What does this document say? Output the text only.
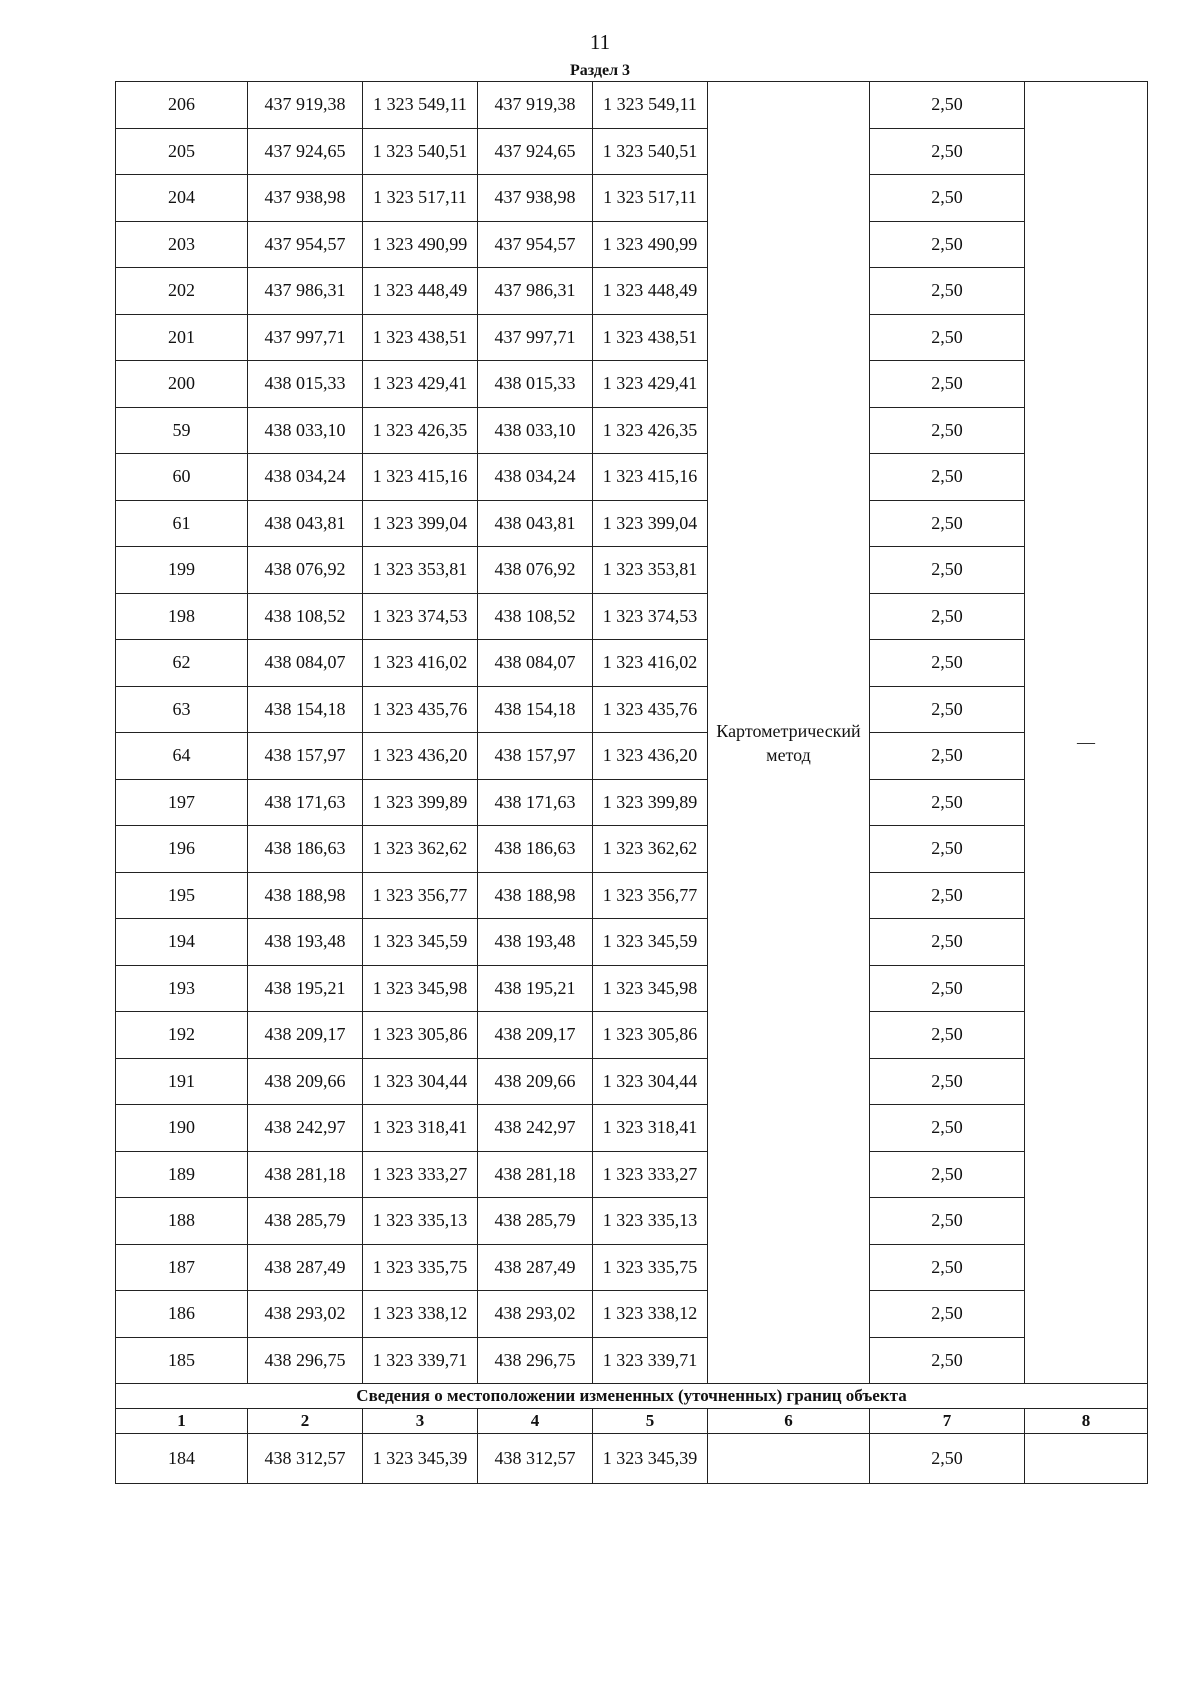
11
Раздел 3
206	437 919,38	1 323 549,11	437 919,38	1 323 549,11	Картометрический метод	2,50	—
205	437 924,65	1 323 540,51	437 924,65	1 323 540,51		2,50	
204	437 938,98	1 323 517,11	437 938,98	1 323 517,11		2,50	
203	437 954,57	1 323 490,99	437 954,57	1 323 490,99		2,50	
202	437 986,31	1 323 448,49	437 986,31	1 323 448,49		2,50	
201	437 997,71	1 323 438,51	437 997,71	1 323 438,51		2,50	
200	438 015,33	1 323 429,41	438 015,33	1 323 429,41		2,50	
59	438 033,10	1 323 426,35	438 033,10	1 323 426,35		2,50	
60	438 034,24	1 323 415,16	438 034,24	1 323 415,16		2,50	
61	438 043,81	1 323 399,04	438 043,81	1 323 399,04		2,50	
199	438 076,92	1 323 353,81	438 076,92	1 323 353,81		2,50	
198	438 108,52	1 323 374,53	438 108,52	1 323 374,53		2,50	
62	438 084,07	1 323 416,02	438 084,07	1 323 416,02		2,50	
63	438 154,18	1 323 435,76	438 154,18	1 323 435,76		2,50	
64	438 157,97	1 323 436,20	438 157,97	1 323 436,20		2,50	
197	438 171,63	1 323 399,89	438 171,63	1 323 399,89		2,50	
196	438 186,63	1 323 362,62	438 186,63	1 323 362,62		2,50	
195	438 188,98	1 323 356,77	438 188,98	1 323 356,77		2,50	
194	438 193,48	1 323 345,59	438 193,48	1 323 345,59		2,50	
193	438 195,21	1 323 345,98	438 195,21	1 323 345,98		2,50	
192	438 209,17	1 323 305,86	438 209,17	1 323 305,86		2,50	
191	438 209,66	1 323 304,44	438 209,66	1 323 304,44		2,50	
190	438 242,97	1 323 318,41	438 242,97	1 323 318,41		2,50	
189	438 281,18	1 323 333,27	438 281,18	1 323 333,27		2,50	
188	438 285,79	1 323 335,13	438 285,79	1 323 335,13		2,50	
187	438 287,49	1 323 335,75	438 287,49	1 323 335,75		2,50	
186	438 293,02	1 323 338,12	438 293,02	1 323 338,12		2,50	
185	438 296,75	1 323 339,71	438 296,75	1 323 339,71		2,50	
Сведения о местоположении измененных (уточненных) границ объекта							
1	2	3	4	5	6	7	8
184	438 312,57	1 323 345,39	438 312,57	1 323 345,39		2,50	
